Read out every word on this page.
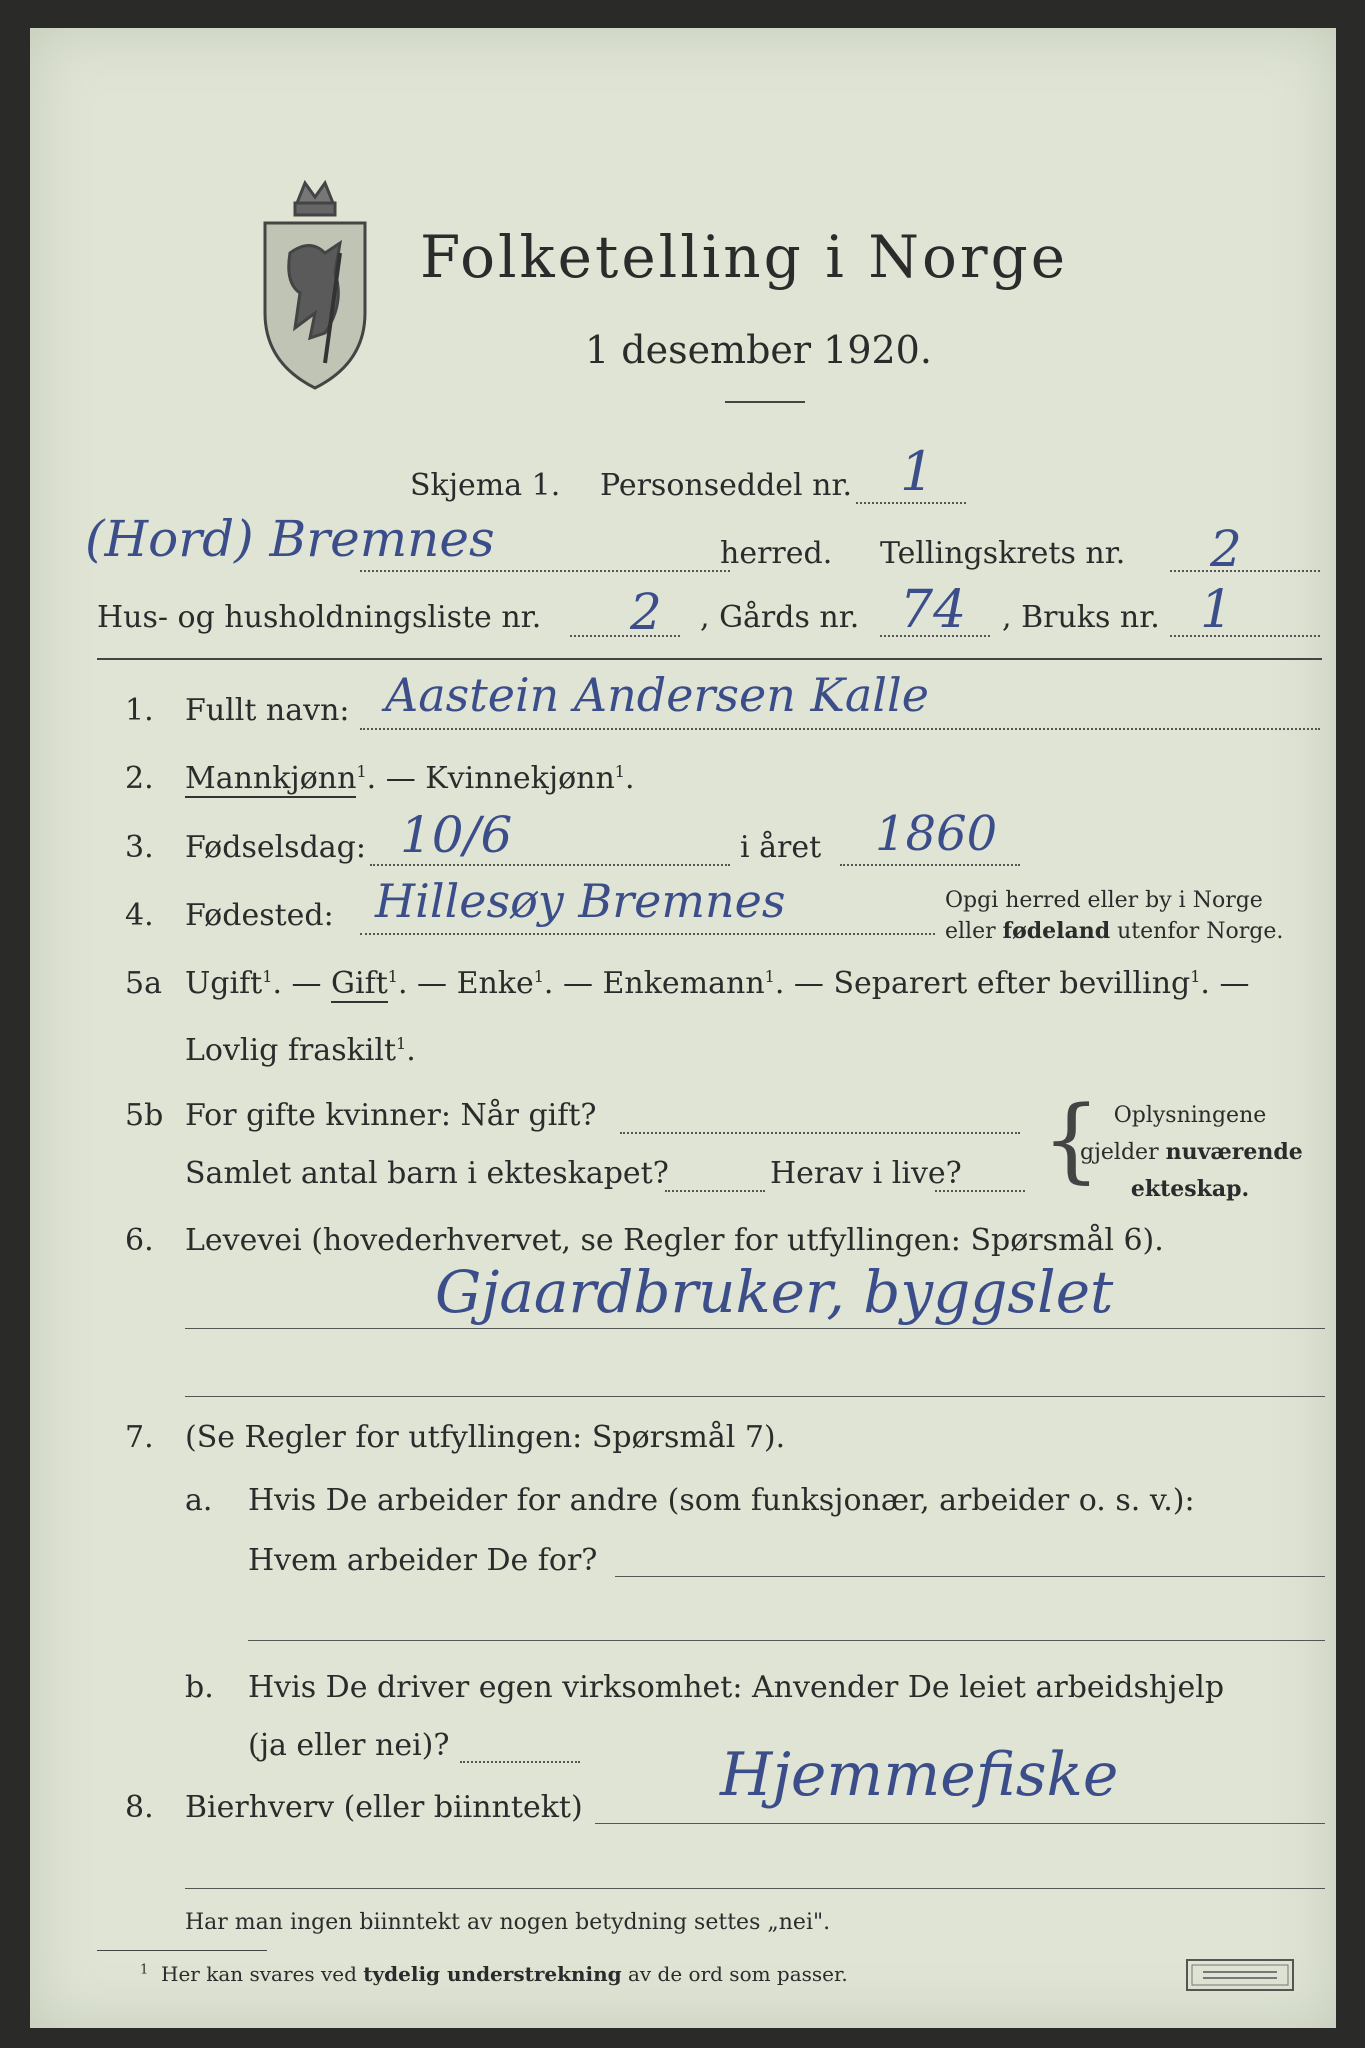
Folketelling i Norge
1 desember 1920.
Skjema 1. Personseddel nr. 1
(Hord) Bremnes	herred. Tellingskrets nr. 2
Hus- og husholdningsliste nr. 2 , Gårds nr. 74 , Bruks nr. 1
1. Fullt navn: Aastein Andersen Kalle
2. Mannkjønn$^1$. — Kvinnekjønn$^1$.
3. Fødselsdag: 10/6	i året 1860
4. Fødested: Hillesøy Bremnes	Opgi herred eller by i Norge
eller fødeland utenfor Norge.
5a Ugift$^1$. — Gift$^1$. — Enke$^1$. — Enkemann$^1$. — Separert efter bevilling$^1$. —
Lovlig fraskilt$^1$.
5b For gifte kvinner: Når gift?
Samlet antal barn i ekteskapet?	Herav i live? { Oplysningene
gjelder nuværende
ekteskap.
6. Levevei (hovederhvervet, se Regler for utfyllingen: Spørsmål 6).
Gjaardbruker, byggslet
7. (Se Regler for utfyllingen: Spørsmål 7).
a. Hvis De arbeider for andre (som funksjonær, arbeider o. s. v.):
Hvem arbeider De for?
b. Hvis De driver egen virksomhet: Anvender De leiet arbeidshjelp
(ja eller nei)?
8. Bierhverv (eller biinntekt) Hjemmefiske
Har man ingen biinntekt av nogen betydning settes „nei".
$^1$ Her kan svares ved tydelig understrekning av de ord som passer.
